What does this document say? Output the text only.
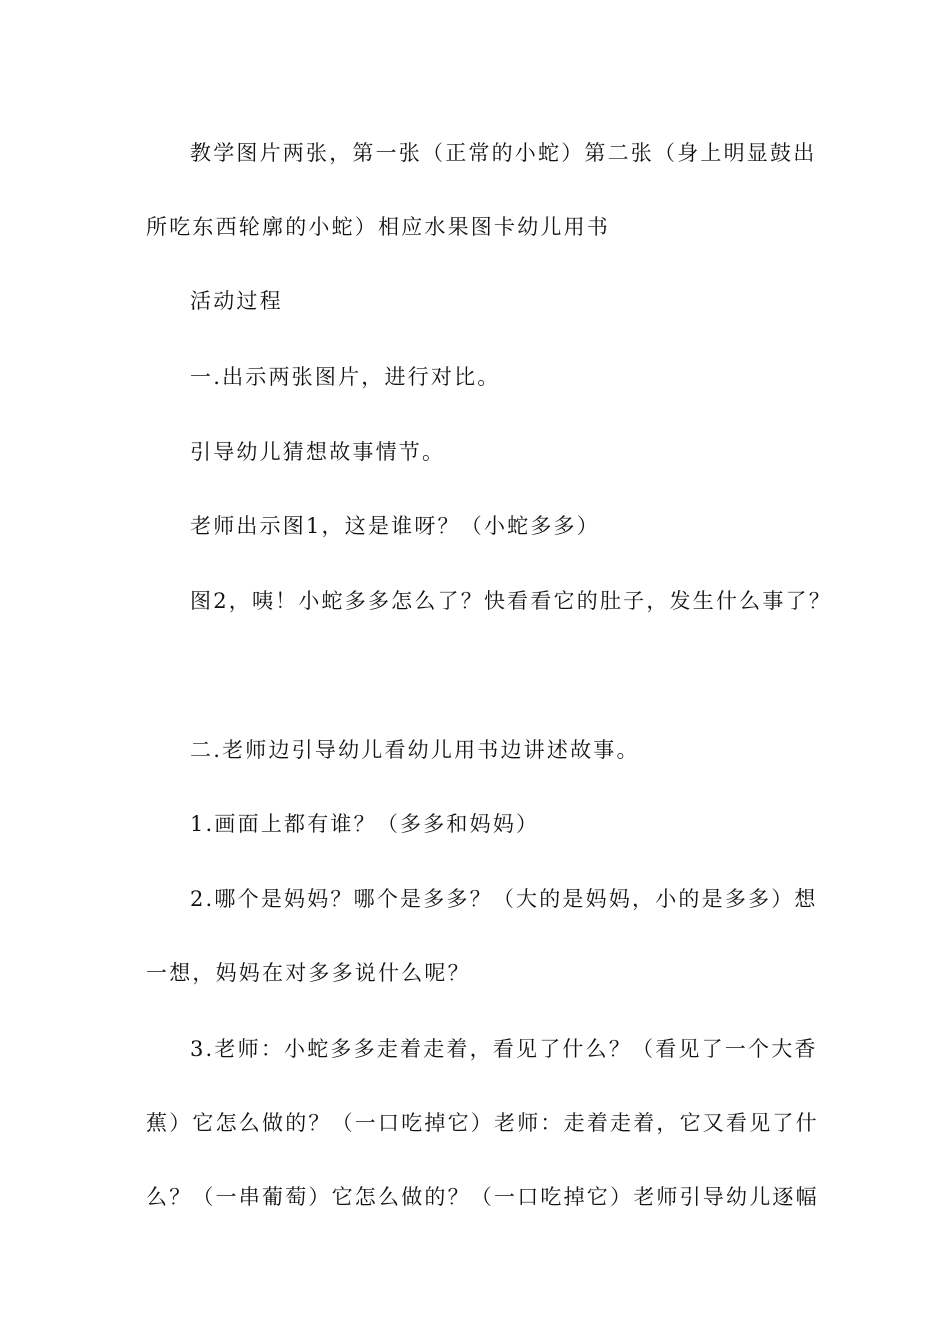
教学图片两张，第一张（正常的小蛇）第二张（身上明显鼓出

所吃东西轮廓的小蛇）相应水果图卡幼儿用书

活动过程

一.出示两张图片，进行对比。

引导幼儿猜想故事情节。

老师出示图1，这是谁呀？（小蛇多多）

图2，咦！小蛇多多怎么了？快看看它的肚子，发生什么事了？

二.老师边引导幼儿看幼儿用书边讲述故事。

1.画面上都有谁？（多多和妈妈）

2.哪个是妈妈？哪个是多多？（大的是妈妈，小的是多多）想

一想，妈妈在对多多说什么呢？

3.老师：小蛇多多走着走着，看见了什么？（看见了一个大香

蕉）它怎么做的？（一口吃掉它）老师：走着走着，它又看见了什

么？（一串葡萄）它怎么做的？（一口吃掉它）老师引导幼儿逐幅
